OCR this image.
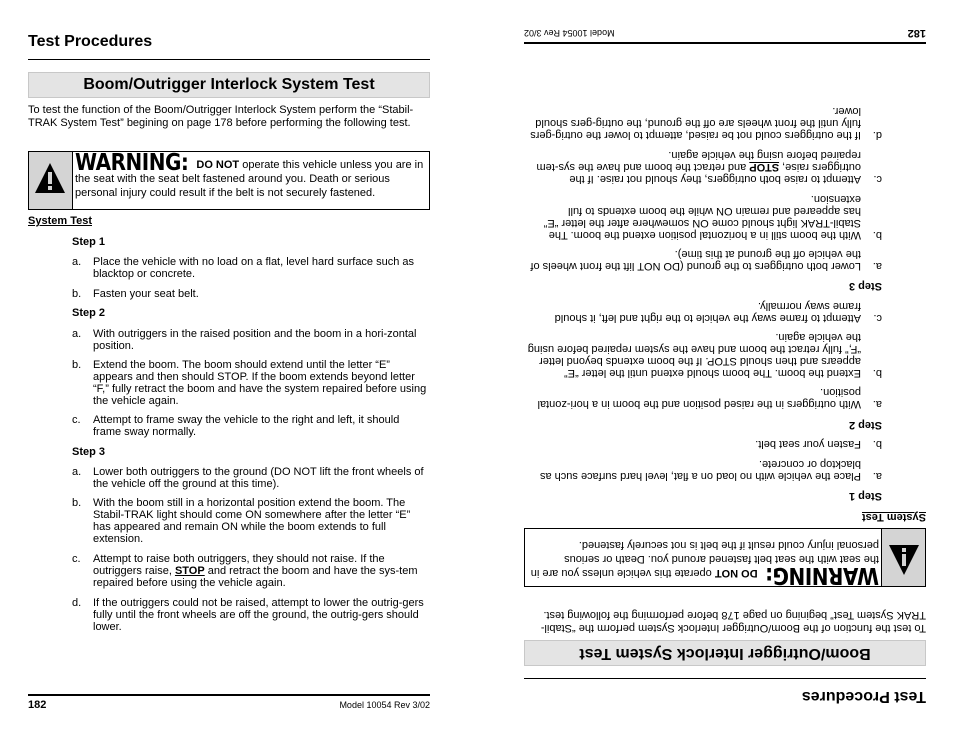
Test Procedures
Boom/Outrigger Interlock System Test
To test the function of the Boom/Outrigger Interlock System perform the “Stabil-TRAK System Test” begining on page 178 before performing the following test.
WARNING: DO NOT operate this vehicle unless you are in the seat with the seat belt fastened around you. Death or serious personal injury could result if the belt is not securely fastened.
System Test
Step 1
a. Place the vehicle with no load on a flat, level hard surface such as blacktop or concrete.
b. Fasten your seat belt.
Step 2
a. With outriggers in the raised position and the boom in a hori-zontal position.
b. Extend the boom. The boom should extend until the letter “E” appears and then should STOP. If the boom extends beyond letter “F,” fully retract the boom and have the system repaired before using the vehicle again.
c. Attempt to frame sway the vehicle to the right and left, it should frame sway normally.
Step 3
a. Lower both outriggers to the ground (DO NOT lift the front wheels of the vehicle off the ground at this time).
b. With the boom still in a horizontal position extend the boom. The Stabil-TRAK light should come ON somewhere after the letter “E” has appeared and remain ON while the boom extends to full extension.
c. Attempt to raise both outriggers, they should not raise. If the outriggers raise, STOP and retract the boom and have the sys-tem repaired before using the vehicle again.
d. If the outriggers could not be raised, attempt to lower the outrig-gers fully until the front wheels are off the ground, the outrig-gers should lower.
182	Model 10054 Rev 3/02	Test Procedures
Boom/Outrigger Interlock System Test
To test the function of the Boom/Outrigger Interlock System perform the “Stabil-TRAK System Test” begining on page 178 before performing the following test.
WARNING:DO NOT operate this vehicle unless you are in the seat with the seat belt fastened around you. Death or serious personal injury could result if the belt is not securely fastened.
System Test
Step 1
a.
Place the vehicle with no load on a flat, level hard surface such as blacktop or concrete.
b.
Fasten your seat belt.
Step 2
a.
With outriggers in the raised position and the boom in a hori-zontal position.
b.
Extend the boom. The boom should extend until the letter “E” appears and then should STOP. If the boom extends beyond letter “F,” fully retract the boom and have the system repaired before using the vehicle again.
c.
Attempt to frame sway the vehicle to the right and left, it should frame sway normally.
Step 3
a.
Lower both outriggers to the ground (DO NOT lift the front wheels of the vehicle off the ground at this time).
b.
With the boom still in a horizontal position extend the boom. The Stabil-TRAK light should come ON somewhere after the letter “E” has appeared and remain ON while the boom extends to full extension.
c.
Attempt to raise both outriggers, they should not raise. If the outriggers raise, STOP and retract the boom and have the sys-tem repaired before using the vehicle again.
d.
If the outriggers could not be raised, attempt to lower the outrig-gers fully until the front wheels are off the ground, the outrig-gers should lower.
182
Model 10054 Rev 3/02
